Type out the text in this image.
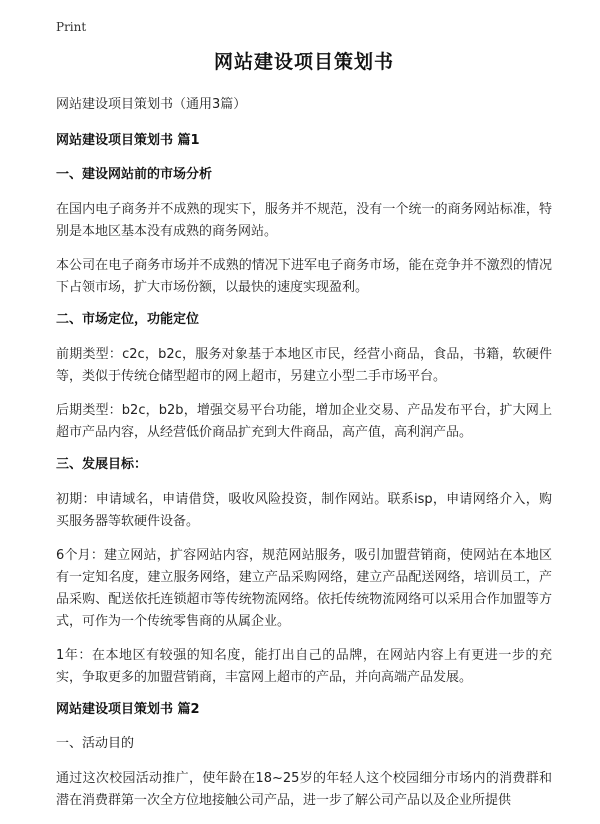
Print
网站建设项目策划书

网站建设项目策划书（通用3篇）

网站建设项目策划书 篇1
一、建设网站前的市场分析

在国内电子商务并不成熟的现实下，服务并不规范，没有一个统一的商务网站标准，特别是本地区基本没有成熟的商务网站。

本公司在电子商务市场并不成熟的情况下进军电子商务市场，能在竞争并不激烈的情况下占领市场，扩大市场份额，以最快的速度实现盈利。

二、市场定位，功能定位

前期类型：c2c，b2c，服务对象基于本地区市民，经营小商品，食品，书籍，软硬件等，类似于传统仓储型超市的网上超市，另建立小型二手市场平台。

后期类型：b2c，b2b，增强交易平台功能，增加企业交易、产品发布平台，扩大网上超市产品内容，从经营低价商品扩充到大件商品，高产值，高利润产品。

三、发展目标：

初期：申请域名，申请借贷，吸收风险投资，制作网站。联系isp，申请网络介入，购买服务器等软硬件设备。

6个月：建立网站，扩容网站内容，规范网站服务，吸引加盟营销商，使网站在本地区有一定知名度，建立服务网络，建立产品采购网络，建立产品配送网络，培训员工，产品采购、配送依托连锁超市等传统物流网络。依托传统物流网络可以采用合作加盟等方式，可作为一个传统零售商的从属企业。

1年：在本地区有较强的知名度，能打出自己的品牌，在网站内容上有更进一步的充实，争取更多的加盟营销商，丰富网上超市的产品，并向高端产品发展。

网站建设项目策划书 篇2
一、活动目的

通过这次校园活动推广，使年龄在18~25岁的年轻人这个校园细分市场内的消费群和潜在消费群第一次全方位地接触公司产品，进一步了解公司产品以及企业所提供
